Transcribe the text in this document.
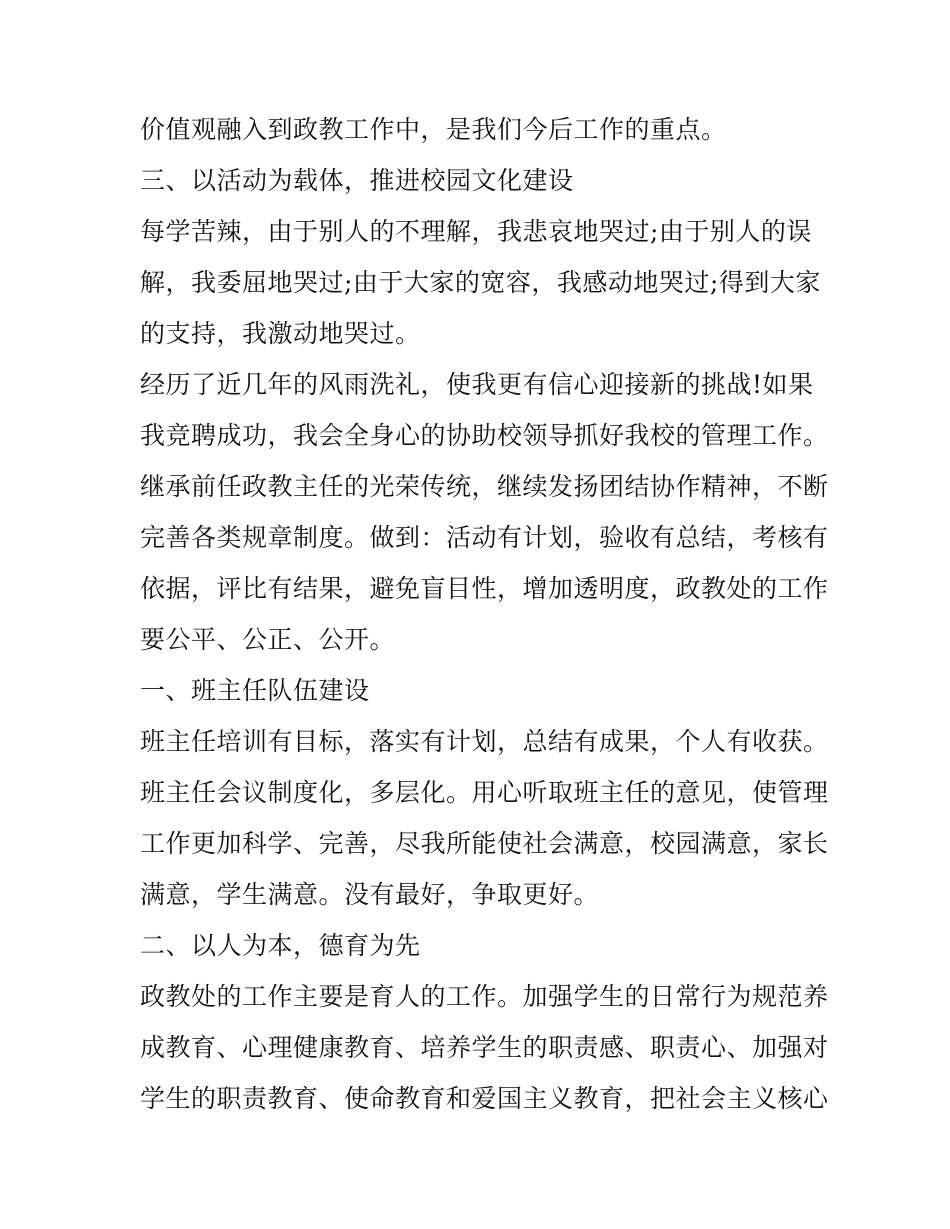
价值观融入到政教工作中，是我们今后工作的重点。
三、以活动为载体，推进校园文化建设
每学苦辣，由于别人的不理解，我悲哀地哭过;由于别人的误
解，我委屈地哭过;由于大家的宽容，我感动地哭过;得到大家
的支持，我激动地哭过。
经历了近几年的风雨洗礼，使我更有信心迎接新的挑战!如果
我竞聘成功，我会全身心的协助校领导抓好我校的管理工作。
继承前任政教主任的光荣传统，继续发扬团结协作精神，不断
完善各类规章制度。做到：活动有计划，验收有总结，考核有
依据，评比有结果，避免盲目性，增加透明度，政教处的工作
要公平、公正、公开。
一、班主任队伍建设
班主任培训有目标，落实有计划，总结有成果，个人有收获。
班主任会议制度化，多层化。用心听取班主任的意见，使管理
工作更加科学、完善，尽我所能使社会满意，校园满意，家长
满意，学生满意。没有最好，争取更好。
二、以人为本，德育为先
政教处的工作主要是育人的工作。加强学生的日常行为规范养
成教育、心理健康教育、培养学生的职责感、职责心、加强对
学生的职责教育、使命教育和爱国主义教育，把社会主义核心
